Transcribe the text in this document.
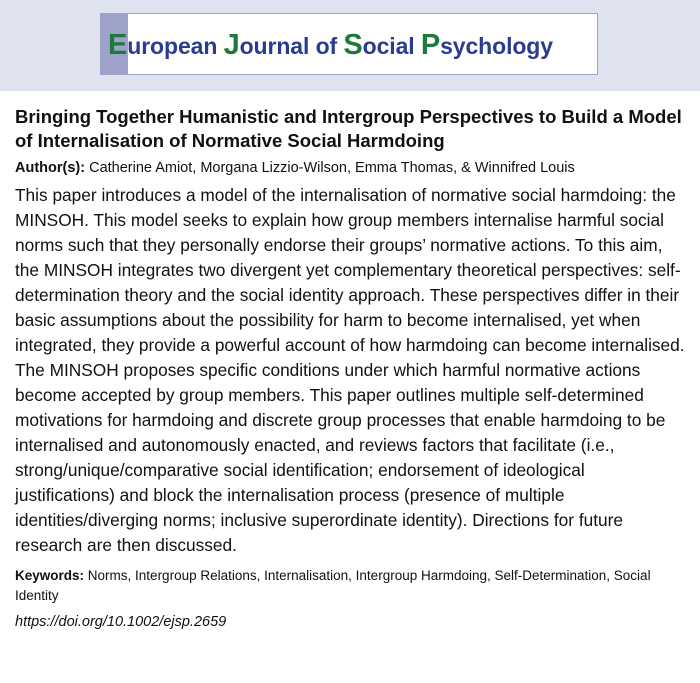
European Journal of Social Psychology
Bringing Together Humanistic and Intergroup Perspectives to Build a Model of Internalisation of Normative Social Harmdoing
Author(s): Catherine Amiot, Morgana Lizzio-Wilson, Emma Thomas, & Winnifred Louis
This paper introduces a model of the internalisation of normative social harmdoing: the MINSOH. This model seeks to explain how group members internalise harmful social norms such that they personally endorse their groups’ normative actions. To this aim, the MINSOH integrates two divergent yet complementary theoretical perspectives: self-determination theory and the social identity approach. These perspectives differ in their basic assumptions about the possibility for harm to become internalised, yet when integrated, they provide a powerful account of how harmdoing can become internalised. The MINSOH proposes specific conditions under which harmful normative actions become accepted by group members. This paper outlines multiple self-determined motivations for harmdoing and discrete group processes that enable harmdoing to be internalised and autonomously enacted, and reviews factors that facilitate (i.e., strong/unique/comparative social identification; endorsement of ideological justifications) and block the internalisation process (presence of multiple identities/diverging norms; inclusive superordinate identity). Directions for future research are then discussed.
Keywords: Norms, Intergroup Relations, Internalisation, Intergroup Harmdoing, Self-Determination, Social Identity
https://doi.org/10.1002/ejsp.2659
